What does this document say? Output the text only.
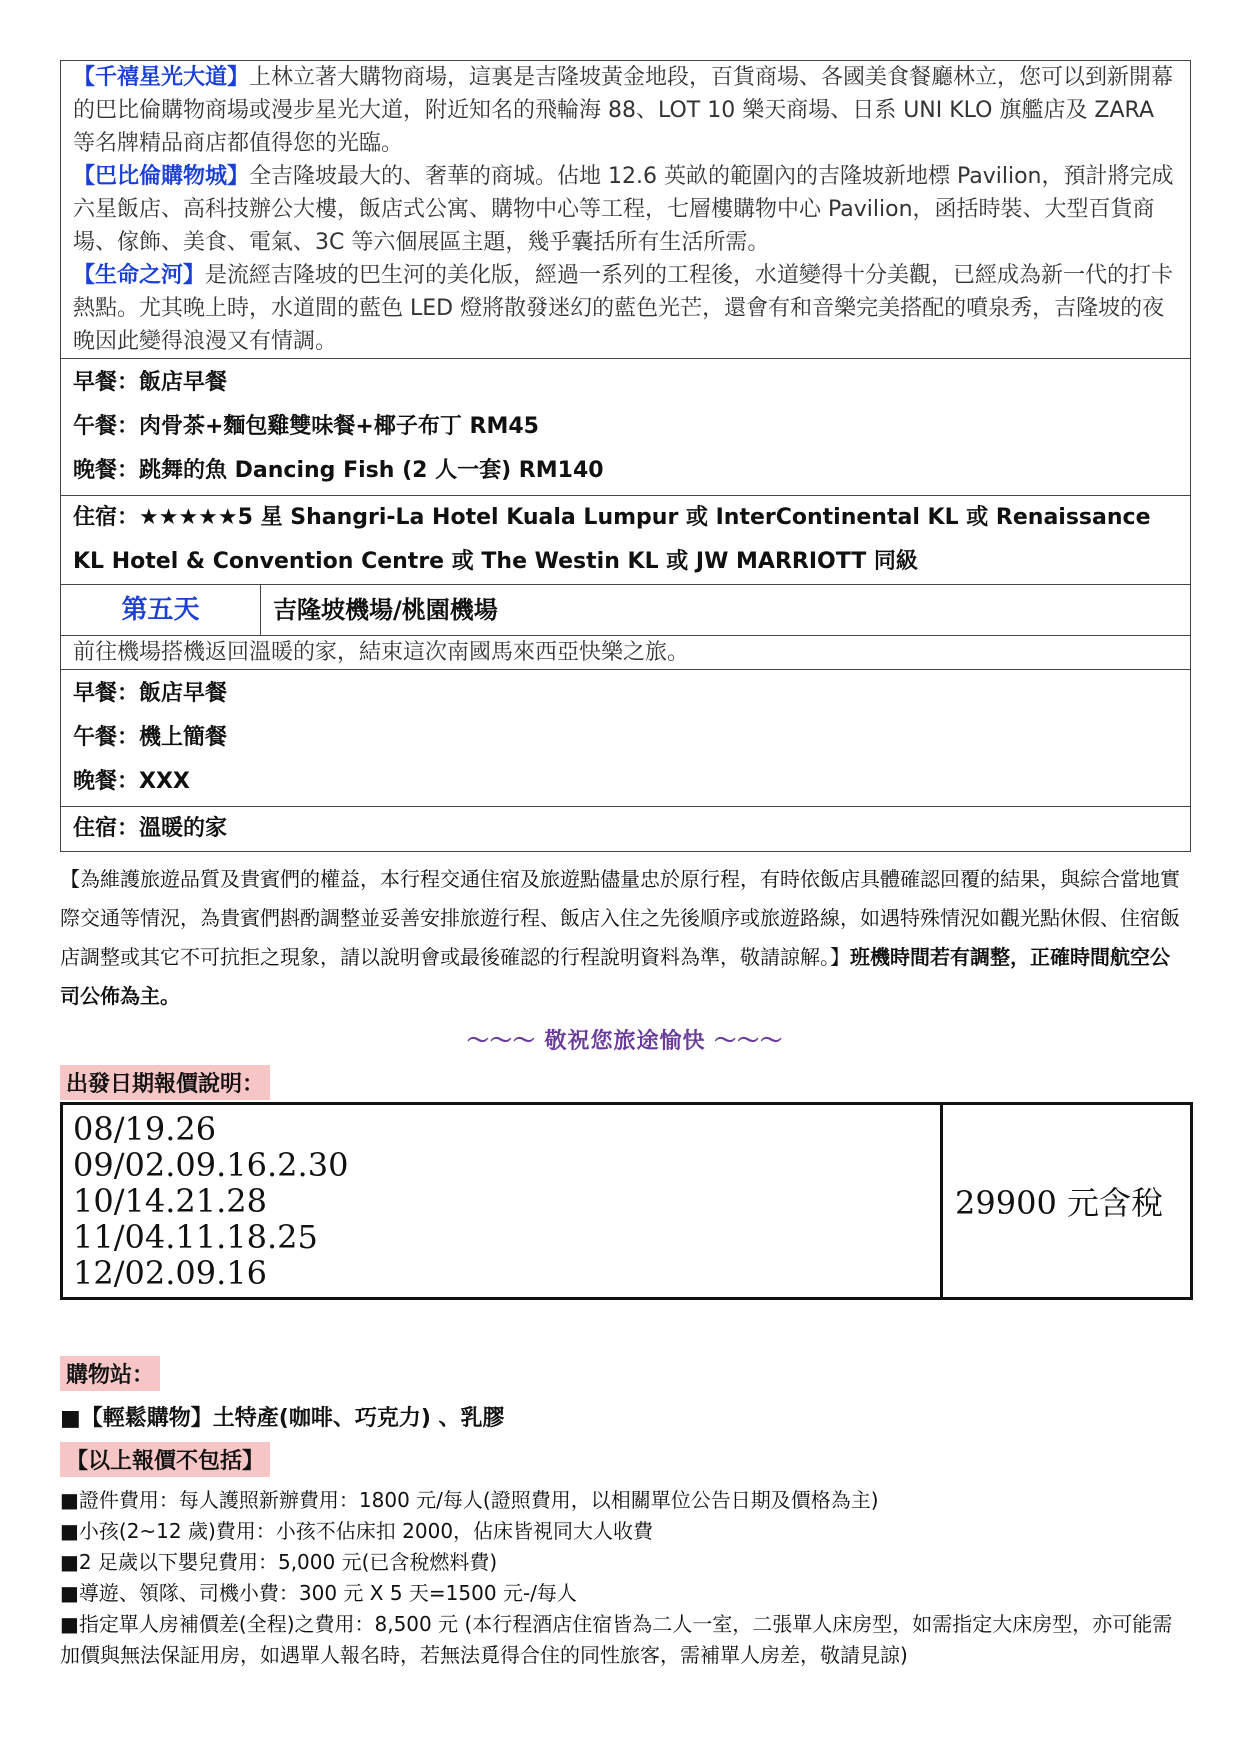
【千禧星光大道】上林立著大購物商場，這裏是吉隆坡黃金地段，百貨商場、各國美食餐廳林立，您可以到新開幕的巴比倫購物商場或漫步星光大道，附近知名的飛輪海 88、LOT 10 樂天商場、日系 UNI KLO 旗艦店及 ZARA 等名牌精品商店都值得您的光臨。
【巴比倫購物城】全吉隆坡最大的、奢華的商城。佔地 12.6 英畝的範圍內的吉隆坡新地標 Pavilion，預計將完成六星飯店、高科技辦公大樓，飯店式公寓、購物中心等工程，七層樓購物中心 Pavilion，函括時裝、大型百貨商場、傢飾、美食、電氣、3C 等六個展區主題，幾乎囊括所有生活所需。
【生命之河】是流經吉隆坡的巴生河的美化版，經過一系列的工程後，水道變得十分美觀，已經成為新一代的打卡熱點。尤其晚上時，水道間的藍色 LED 燈將散發迷幻的藍色光芒，還會有和音樂完美搭配的噴泉秀，吉隆坡的夜晚因此變得浪漫又有情調。

早餐：飯店早餐
午餐：肉骨茶+麵包雞雙味餐+椰子布丁 RM45
晚餐：跳舞的魚 Dancing Fish (2 人一套) RM140

住宿：★★★★★5 星 Shangri-La Hotel Kuala Lumpur 或 InterContinental KL 或 Renaissance KL Hotel & Convention Centre 或 The Westin KL 或 JW MARRIOTT 同級
第五天	吉隆坡機場/桃園機場
前往機場搭機返回溫暖的家，結束這次南國馬來西亞快樂之旅。

早餐：飯店早餐
午餐：機上簡餐
晚餐：XXX

住宿：溫暖的家
【為維護旅遊品質及貴賓們的權益，本行程交通住宿及旅遊點儘量忠於原行程，有時依飯店具體確認回覆的結果，與綜合當地實際交通等情況，為貴賓們斟酌調整並妥善安排旅遊行程、飯店入住之先後順序或旅遊路線，如遇特殊情況如觀光點休假、住宿飯店調整或其它不可抗拒之現象，請以說明會或最後確認的行程說明資料為準，敬請諒解。】班機時間若有調整，正確時間航空公司公佈為主。
～～～ 敬祝您旅途愉快 ～～～
出發日期報價說明：
08/19.26
09/02.09.16.2.30
10/14.21.28
11/04.11.18.25
12/02.09.16
	29900 元含稅
購物站：
■【輕鬆購物】土特產(咖啡、巧克力) 、乳膠
【以上報價不包括】
■證件費用：每人護照新辦費用：1800 元/每人(證照費用，以相關單位公告日期及價格為主)
■小孩(2~12 歲)費用：小孩不佔床扣 2000，佔床皆視同大人收費
■2 足歲以下嬰兒費用：5,000 元(已含稅燃料費)
■導遊、領隊、司機小費：300 元 X 5 天=1500 元-/每人
■指定單人房補價差(全程)之費用：8,500 元 (本行程酒店住宿皆為二人一室，二張單人床房型，如需指定大床房型，亦可能需加價與無法保証用房，如遇單人報名時，若無法覓得合住的同性旅客，需補單人房差，敬請見諒)
